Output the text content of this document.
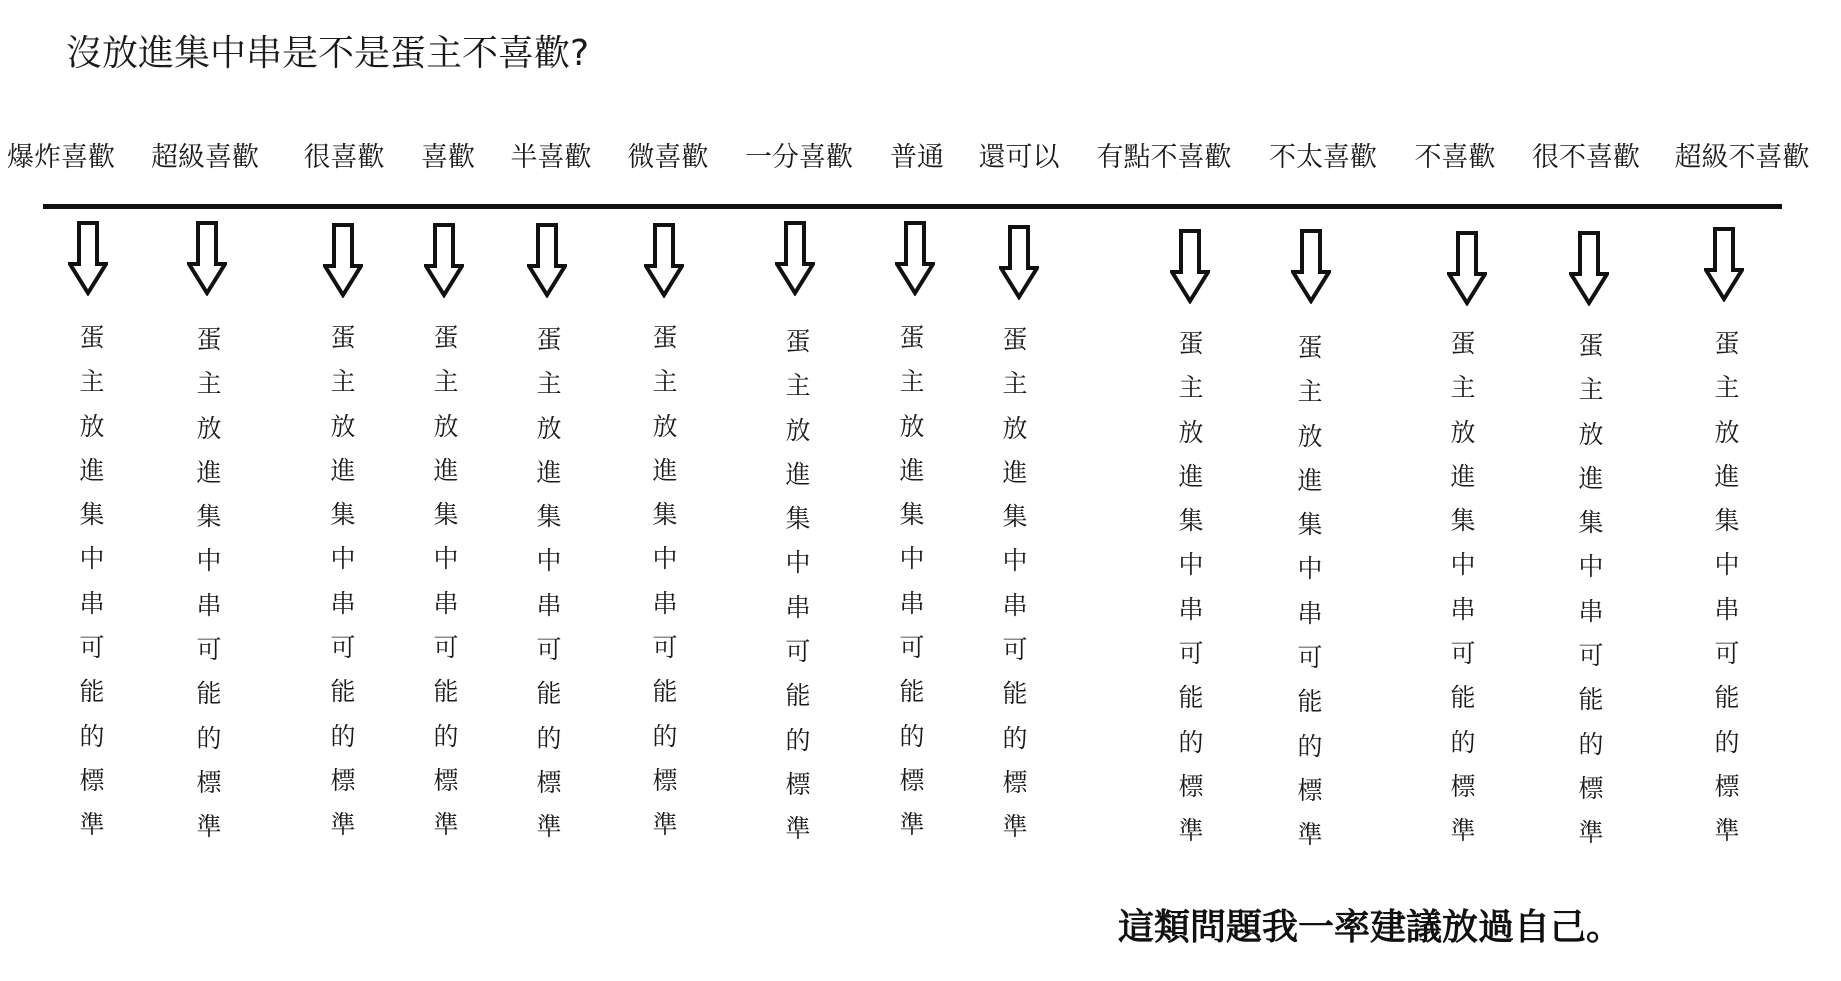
沒放進集中串是不是蛋主不喜歡?
爆炸喜歡 超級喜歡 很喜歡 喜歡 半喜歡 微喜歡 一分喜歡 普通 還可以 有點不喜歡 不太喜歡 不喜歡 很不喜歡 超級不喜歡
蛋主放進集中串可能的標準
蛋主放進集中串可能的標準
蛋主放進集中串可能的標準
蛋主放進集中串可能的標準
蛋主放進集中串可能的標準
蛋主放進集中串可能的標準
蛋主放進集中串可能的標準
蛋主放進集中串可能的標準
蛋主放進集中串可能的標準
蛋主放進集中串可能的標準
蛋主放進集中串可能的標準
蛋主放進集中串可能的標準
蛋主放進集中串可能的標準
蛋主放進集中串可能的標準
這類問題我一率建議放過自己。
